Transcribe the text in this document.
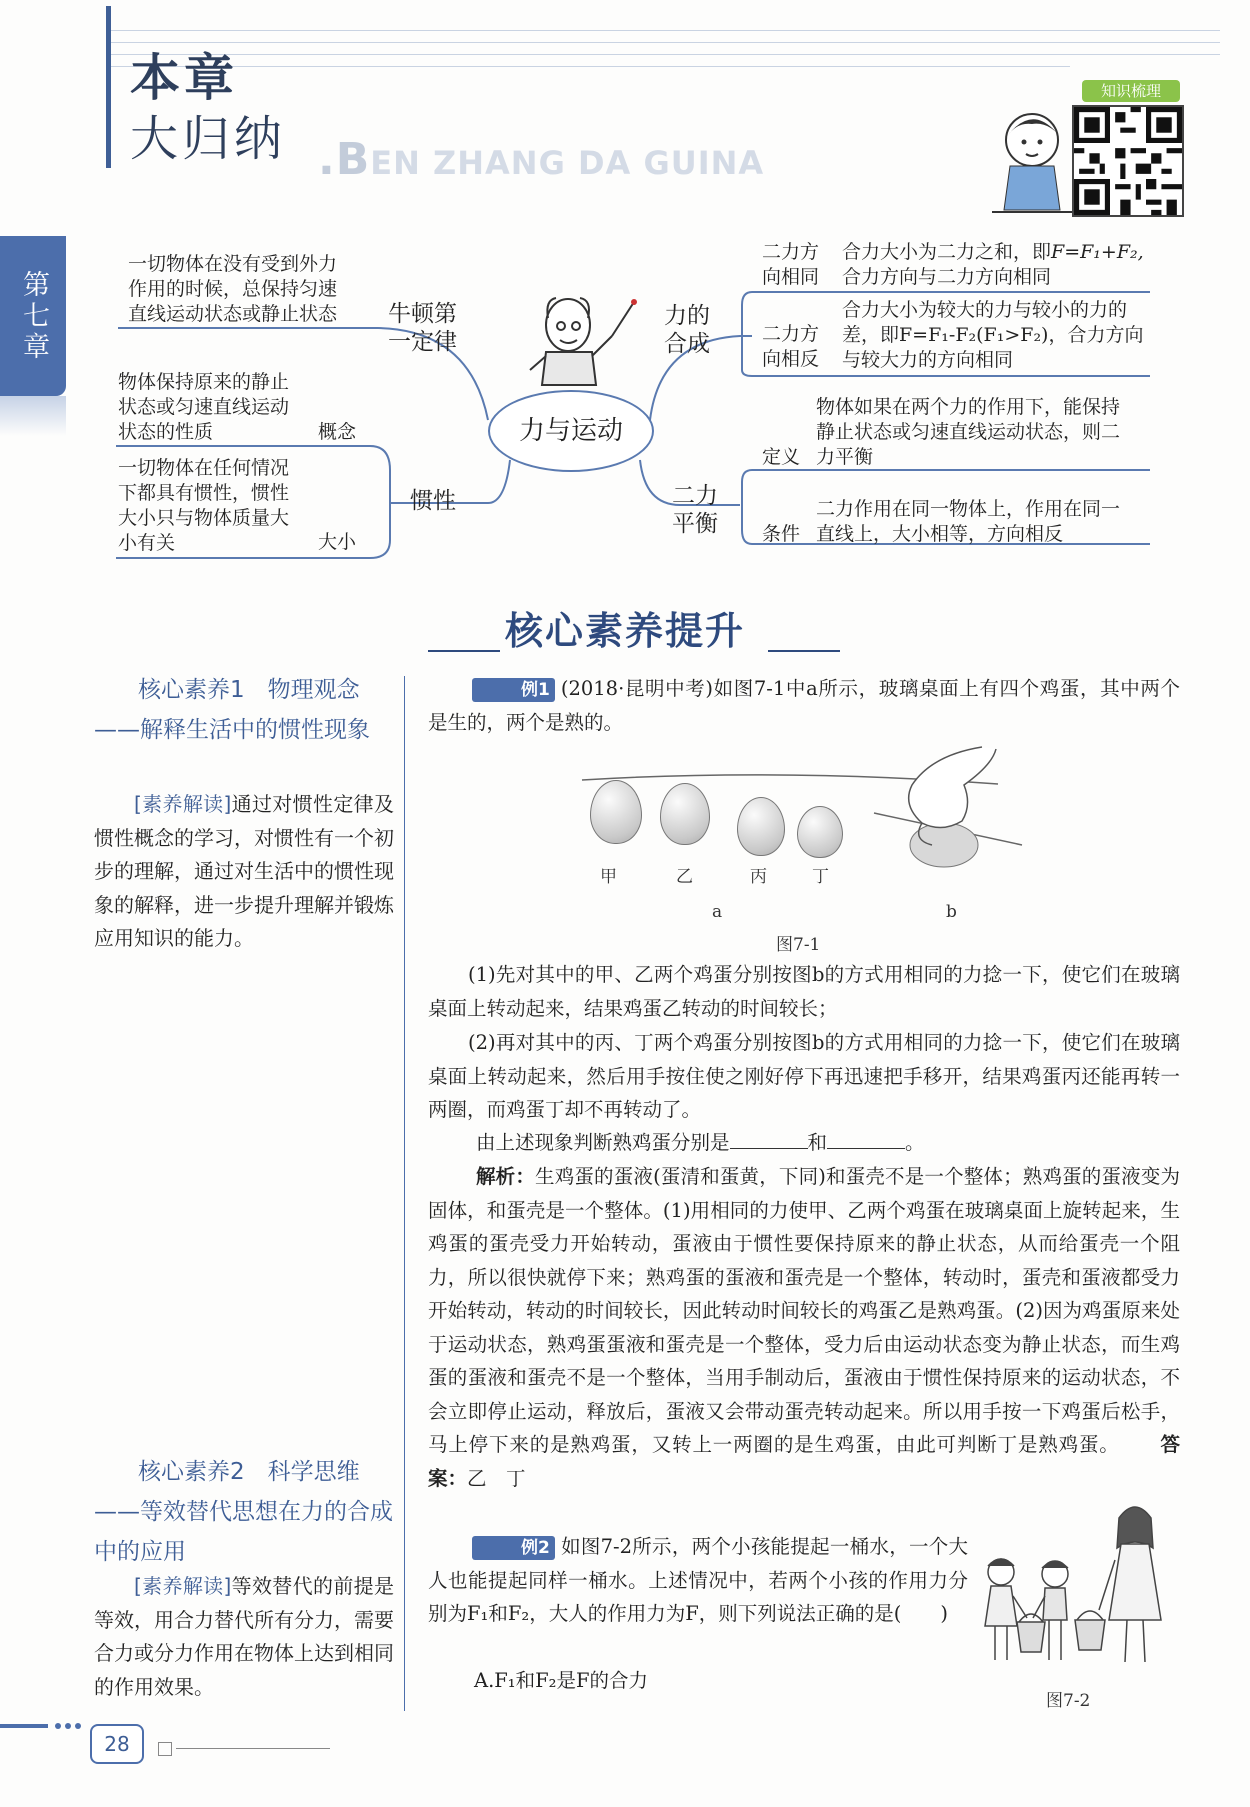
本章
大归纳 .BEN ZHANG DA GUINA
知识梳理
第七章
力与运动
一切物体在没有受到外力
作用的时候，总保持匀速
直线运动状态或静止状态	牛顿第
一定律
物体保持原来的静止
状态或匀速直线运动
状态的性质	概念
一切物体在任何情况
下都具有惯性，惯性
大小只与物体质量大
小有关	大小
惯性
力的
合成
二力方
向相同
合力大小为二力之和，即F=F₁+F₂,
合力方向与二力方向相同
二力方
向相反
合力大小为较大的力与较小的力的
差，即F=F₁-F₂(F₁>F₂)，合力方向
与较大力的方向相同
二力
平衡
物体如果在两个力的作用下，能保持
静止状态或匀速直线运动状态，则二
定义 力平衡
二力作用在同一物体上，作用在同一
条件 直线上，大小相等，方向相反
核心素养提升
核心素养1　物理观念——解释生活中的惯性现象
[素养解读]通过对惯性定律及惯性概念的学习，对惯性有一个初步的理解，通过对生活中的惯性现象的解释，进一步提升理解并锻炼应用知识的能力。
核心素养2　科学思维——等效替代思想在力的合成中的应用
[素养解读]等效替代的前提是等效，用合力替代所有分力，需要合力或分力作用在物体上达到相同的作用效果。
例1 (2018·昆明中考)如图7-1中a所示，玻璃桌面上有四个鸡蛋，其中两个是生的，两个是熟的。
甲	乙	丙	丁
a	b
图7-1
(1)先对其中的甲、乙两个鸡蛋分别按图b的方式用相同的力捻一下，使它们在玻璃桌面上转动起来，结果鸡蛋乙转动的时间较长；
(2)再对其中的丙、丁两个鸡蛋分别按图b的方式用相同的力捻一下，使它们在玻璃桌面上转动起来，然后用手按住使之刚好停下再迅速把手移开，结果鸡蛋丙还能再转一两圈，而鸡蛋丁却不再转动了。
由上述现象判断熟鸡蛋分别是	和	。
解析：生鸡蛋的蛋液(蛋清和蛋黄，下同)和蛋壳不是一个整体；熟鸡蛋的蛋液变为固体，和蛋壳是一个整体。(1)用相同的力使甲、乙两个鸡蛋在玻璃桌面上旋转起来，生鸡蛋的蛋壳受力开始转动，蛋液由于惯性要保持原来的静止状态，从而给蛋壳一个阻力，所以很快就停下来；熟鸡蛋的蛋液和蛋壳是一个整体，转动时，蛋壳和蛋液都受力开始转动，转动的时间较长，因此转动时间较长的鸡蛋乙是熟鸡蛋。(2)因为鸡蛋原来处于运动状态，熟鸡蛋蛋液和蛋壳是一个整体，受力后由运动状态变为静止状态，而生鸡蛋的蛋液和蛋壳不是一个整体，当用手制动后，蛋液由于惯性保持原来的运动状态，不会立即停止运动，释放后，蛋液又会带动蛋壳转动起来。所以用手按一下鸡蛋后松手，马上停下来的是熟鸡蛋，又转上一两圈的是生鸡蛋，由此可判断丁是熟鸡蛋。 答案：乙　丁
例2 如图7-2所示，两个小孩能提起一桶水，一个大人也能提起同样一桶水。上述情况中，若两个小孩的作用力分别为F₁和F₂，大人的作用力为F，则下列说法正确的是(　　)
A.F₁和F₂是F的合力
图7-2
28
